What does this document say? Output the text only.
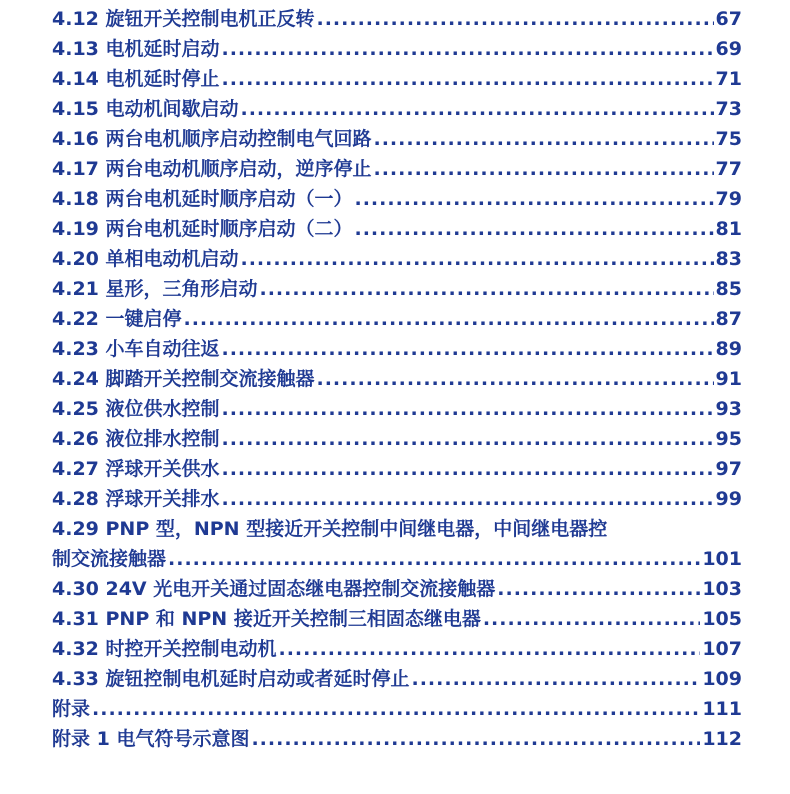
4.12 旋钮开关控制电机正反转 .....	67
4.13 电机延时启动 .....	69
4.14 电机延时停止 .....	71
4.15 电动机间歇启动 .....	73
4.16 两台电机顺序启动控制电气回路 .....	75
4.17 两台电动机顺序启动，逆序停止 .....	77
4.18 两台电机延时顺序启动（一） .....	79
4.19 两台电机延时顺序启动（二） .....	81
4.20 单相电动机启动 .....	83
4.21 星形，三角形启动 .....	85
4.22 一键启停 .....	87
4.23 小车自动往返 .....	89
4.24 脚踏开关控制交流接触器 .....	91
4.25 液位供水控制 .....	93
4.26 液位排水控制 .....	95
4.27 浮球开关供水 .....	97
4.28 浮球开关排水 .....	99
4.29 PNP 型，NPN 型接近开关控制中间继电器，中间继电器控
制交流接触器 .....	101
4.30 24V 光电开关通过固态继电器控制交流接触器 .....	103
4.31 PNP 和 NPN 接近开关控制三相固态继电器 .....	105
4.32 时控开关控制电动机 .....	107
4.33 旋钮控制电机延时启动或者延时停止 .....	109
附录 .....	111
附录 1 电气符号示意图 .....	112
